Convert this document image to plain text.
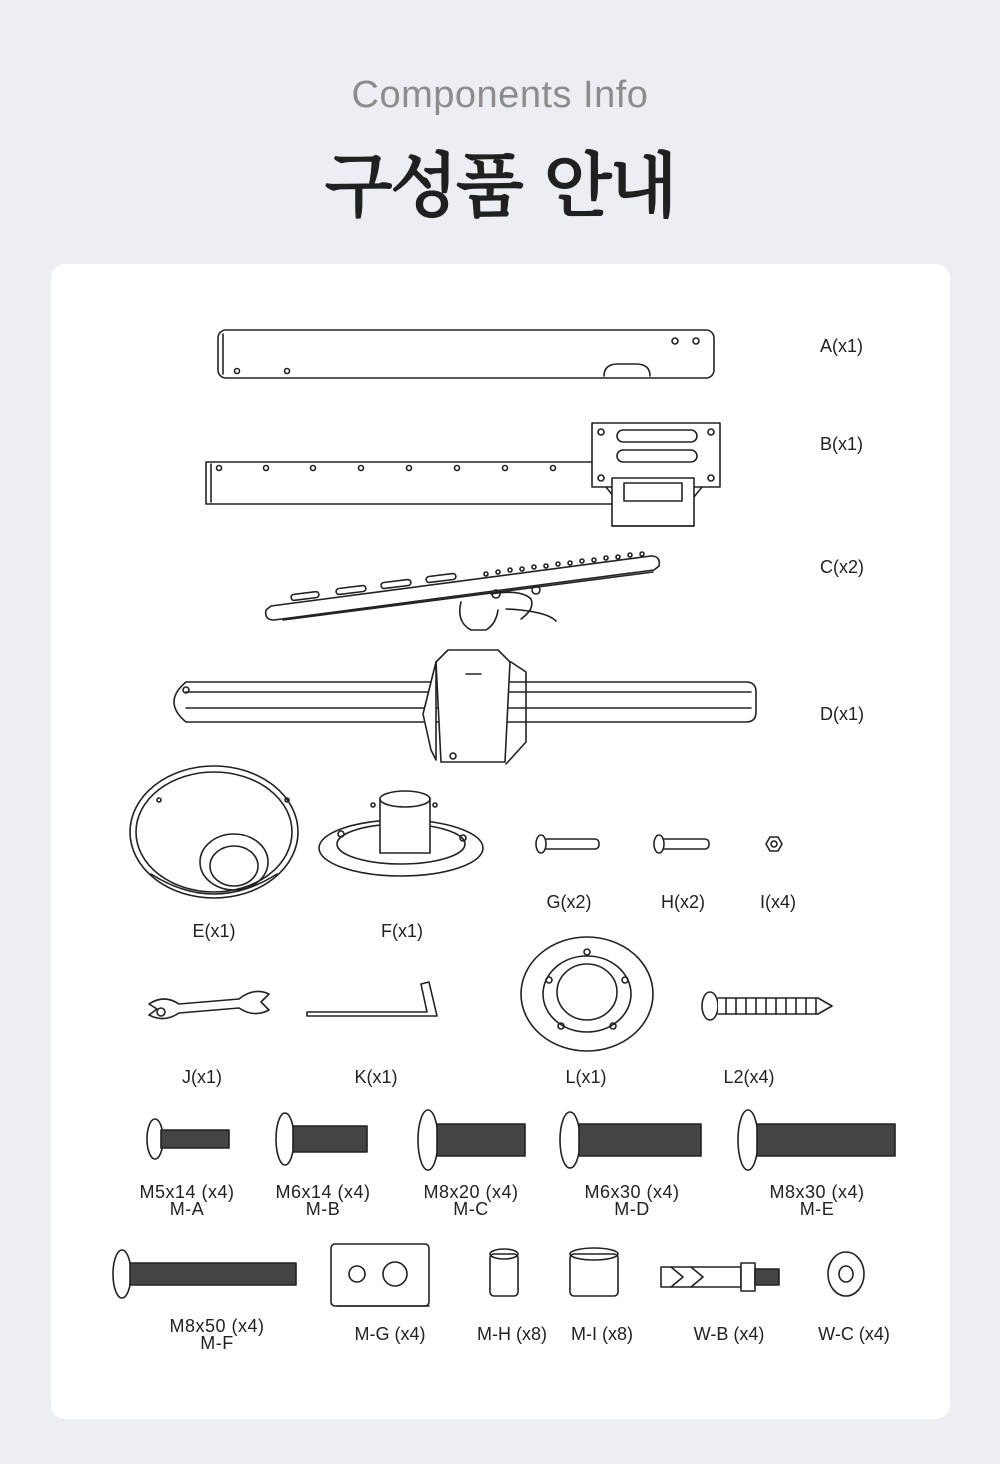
Components Info
구성품 안내
A(x1)
B(x1)
C(x2)
D(x1)
E(x1)	F(x1)
G(x2)	H(x2)	I(x4)
J(x1)	K(x1)	L(x1)	L2(x4)
M5x14 (x4)
M-A
M6x14 (x4)
M-B
M8x20 (x4)
M-C
M6x30 (x4)
M-D
M8x30 (x4)
M-E
M8x50 (x4)
M-F	M-G (x4)	M-H (x8) M-I (x8)	W-B (x4)	W-C (x4)
